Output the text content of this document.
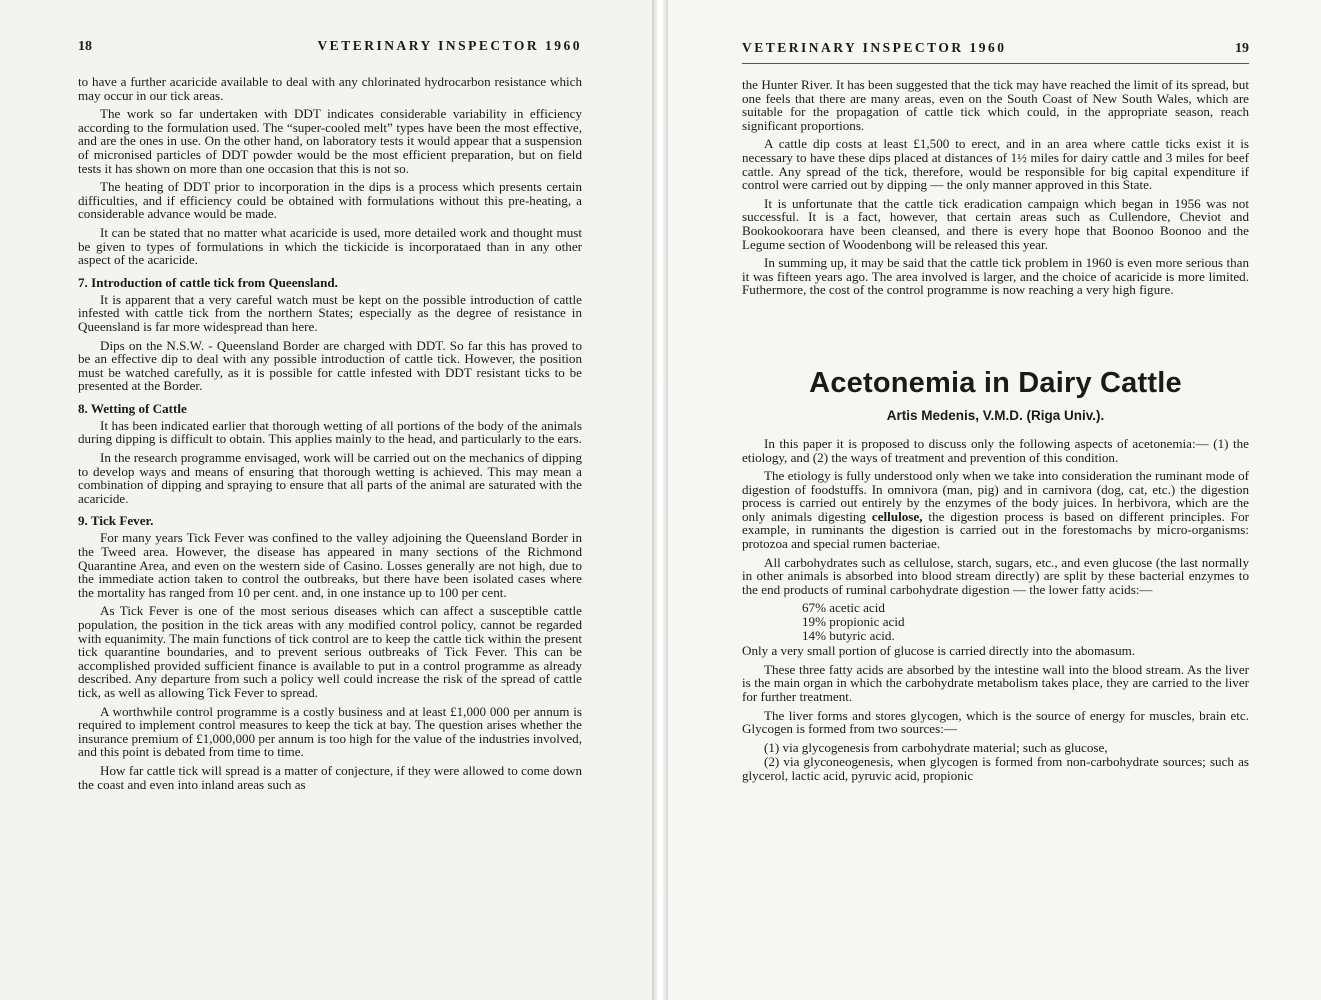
18	VETERINARY INSPECTOR 1960

to have a further acaricide available to deal with any chlorinated hydrocarbon resistance which may occur in our tick areas.

The work so far undertaken with DDT indicates considerable variability in efficiency according to the formulation used. The “super-cooled melt” types have been the most effective, and are the ones in use. On the other hand, on laboratory tests it would appear that a suspension of micronised particles of DDT powder would be the most efficient preparation, but on field tests it has shown on more than one occasion that this is not so.

The heating of DDT prior to incorporation in the dips is a process which presents certain difficulties, and if efficiency could be obtained with formulations without this pre-heating, a considerable advance would be made.

It can be stated that no matter what acaricide is used, more detailed work and thought must be given to types of formulations in which the tickicide is incorporataed than in any other aspect of the acaricide.

7. Introduction of cattle tick from Queensland.

It is apparent that a very careful watch must be kept on the possible introduction of cattle infested with cattle tick from the northern States; especially as the degree of resistance in Queensland is far more widespread than here.

Dips on the N.S.W. - Queensland Border are charged with DDT. So far this has proved to be an effective dip to deal with any possible introduction of cattle tick. However, the position must be watched carefully, as it is possible for cattle infested with DDT resistant ticks to be presented at the Border.

8. Wetting of Cattle

It has been indicated earlier that thorough wetting of all portions of the body of the animals during dipping is difficult to obtain. This applies mainly to the head, and particularly to the ears.

In the research programme envisaged, work will be carried out on the mechanics of dipping to develop ways and means of ensuring that thorough wetting is achieved. This may mean a combination of dipping and spraying to ensure that all parts of the animal are saturated with the acaricide.

9. Tick Fever.

For many years Tick Fever was confined to the valley adjoining the Queensland Border in the Tweed area. However, the disease has appeared in many sections of the Richmond Quarantine Area, and even on the western side of Casino. Losses generally are not high, due to the immediate action taken to control the outbreaks, but there have been isolated cases where the mortality has ranged from 10 per cent. and, in one instance up to 100 per cent.

As Tick Fever is one of the most serious diseases which can affect a susceptible cattle population, the position in the tick areas with any modified control policy, cannot be regarded with equanimity. The main functions of tick control are to keep the cattle tick within the present tick quarantine boundaries, and to prevent serious outbreaks of Tick Fever. This can be accomplished provided sufficient finance is available to put in a control programme as already described. Any departure from such a policy well could increase the risk of the spread of cattle tick, as well as allowing Tick Fever to spread.

A worthwhile control programme is a costly business and at least £1,000 000 per annum is required to implement control measures to keep the tick at bay. The question arises whether the insurance premium of £1,000,000 per annum is too high for the value of the industries involved, and this point is debated from time to time.

How far cattle tick will spread is a matter of conjecture, if they were allowed to come down the coast and even into inland areas such as

VETERINARY INSPECTOR 1960	19

the Hunter River. It has been suggested that the tick may have reached the limit of its spread, but one feels that there are many areas, even on the South Coast of New South Wales, which are suitable for the propagation of cattle tick which could, in the appropriate season, reach significant proportions.

A cattle dip costs at least £1,500 to erect, and in an area where cattle ticks exist it is necessary to have these dips placed at distances of 1½ miles for dairy cattle and 3 miles for beef cattle. Any spread of the tick, therefore, would be responsible for big capital expenditure if control were carried out by dipping — the only manner approved in this State.

It is unfortunate that the cattle tick eradication campaign which began in 1956 was not successful. It is a fact, however, that certain areas such as Cullendore, Cheviot and Bookookoorara have been cleansed, and there is every hope that Boonoo Boonoo and the Legume section of Woodenbong will be released this year.

In summing up, it may be said that the cattle tick problem in 1960 is even more serious than it was fifteen years ago. The area involved is larger, and the choice of acaricide is more limited. Futhermore, the cost of the control programme is now reaching a very high figure.

Acetonemia in Dairy Cattle
Artis Medenis, V.M.D. (Riga Univ.).

In this paper it is proposed to discuss only the following aspects of acetonemia:— (1) the etiology, and (2) the ways of treatment and prevention of this condition.

The etiology is fully understood only when we take into consideration the ruminant mode of digestion of foodstuffs. In omnivora (man, pig) and in carnivora (dog, cat, etc.) the digestion process is carried out entirely by the enzymes of the body juices. In herbivora, which are the only animals digesting cellulose, the digestion process is based on different principles. For example, in ruminants the digestion is carried out in the forestomachs by micro-organisms: protozoa and special rumen bacteriae.

All carbohydrates such as cellulose, starch, sugars, etc., and even glucose (the last normally in other animals is absorbed into blood stream directly) are split by these bacterial enzymes to the end products of ruminal carbohydrate digestion — the lower fatty acids:—

67% acetic acid
19% propionic acid
14% butyric acid.

Only a very small portion of glucose is carried directly into the abomasum.

These three fatty acids are absorbed by the intestine wall into the blood stream. As the liver is the main organ in which the carbohydrate metabolism takes place, they are carried to the liver for further treatment.

The liver forms and stores glycogen, which is the source of energy for muscles, brain etc. Glycogen is formed from two sources:—

(1) via glycogenesis from carbohydrate material; such as glucose,

(2) via glyconeogenesis, when glycogen is formed from non-carbohydrate sources; such as glycerol, lactic acid, pyruvic acid, propionic
